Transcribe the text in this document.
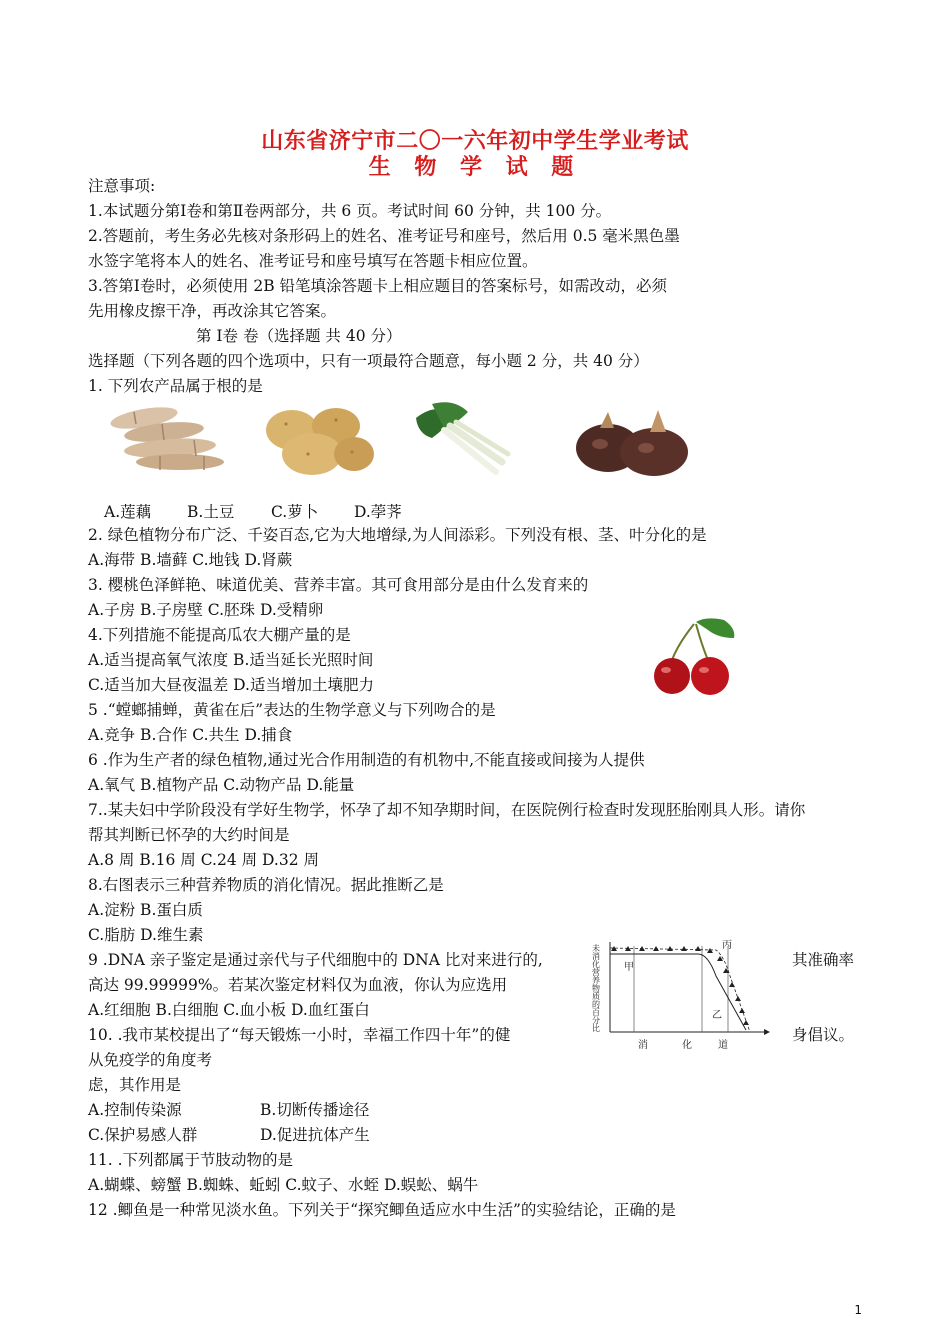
山东省济宁市二〇一六年初中学生学业考试
生 物 学 试 题
注意事项:
1.本试题分第Ⅰ卷和第Ⅱ卷两部分，共 6 页。考试时间 60 分钟，共 100 分。
2.答题前，考生务必先核对条形码上的姓名、准考证号和座号，然后用 0.5 毫米黑色墨
水签字笔将本人的姓名、准考证号和座号填写在答题卡相应位置。
3.答第Ⅰ卷时，必须使用 2B 铅笔填涂答题卡上相应题目的答案标号，如需改动，必须
先用橡皮擦干净，再改涂其它答案。
第 Ⅰ卷 卷（选择题 共 40 分）
选择题（下列各题的四个选项中，只有一项最符合题意，每小题 2 分，共 40 分）
1. 下列农产品属于根的是
A.莲藕 B.土豆 C.萝卜 D.荸荠
2. 绿色植物分布广泛、千姿百态,它为大地增绿,为人间添彩。下列没有根、茎、叶分化的是
A.海带 B.墙藓 C.地钱 D.肾蕨
3. 樱桃色泽鲜艳、味道优美、营养丰富。其可食用部分是由什么发育来的
A.子房 B.子房壁 C.胚珠 D.受精卵
4.下列措施不能提高瓜农大棚产量的是
A.适当提高氧气浓度 B.适当延长光照时间
C.适当加大昼夜温差 D.适当增加土壤肥力
5 .“螳螂捕蝉，黄雀在后”表达的生物学意义与下列吻合的是
A.竞争 B.合作 C.共生 D.捕食
6 .作为生产者的绿色植物,通过光合作用制造的有机物中,不能直接或间接为人提供
A.氧气 B.植物产品 C.动物产品 D.能量
7..某夫妇中学阶段没有学好生物学，怀孕了却不知孕期时间，在医院例行检查时发现胚胎刚具人形。请你
帮其判断已怀孕的大约时间是
A.8 周 B.16 周 C.24 周 D.32 周
8.右图表示三种营养物质的消化情况。据此推断乙是
A.淀粉 B.蛋白质
C.脂肪 D.维生素
未消化营养物质的百分比 甲
丙
乙
消	化	道
9 .DNA 亲子鉴定是通过亲代与子代细胞中的 DNA 比对来进行的,	其准确率
高达 99.99999%。若某次鉴定材料仅为血液，你认为应选用
A.红细胞 B.白细胞 C.血小板 D.血红蛋白
10. .我市某校提出了“每天锻炼一小时，幸福工作四十年”的健	身倡议。
从免疫学的角度考
虑，其作用是
A.控制传染源	B.切断传播途径
C.保护易感人群	D.促进抗体产生
11. .下列都属于节肢动物的是
A.蝴蝶、螃蟹 B.蜘蛛、蚯蚓 C.蚊子、水蛭 D.蜈蚣、蜗牛
12 .鲫鱼是一种常见淡水鱼。下列关于“探究鲫鱼适应水中生活”的实验结论，正确的是
1
